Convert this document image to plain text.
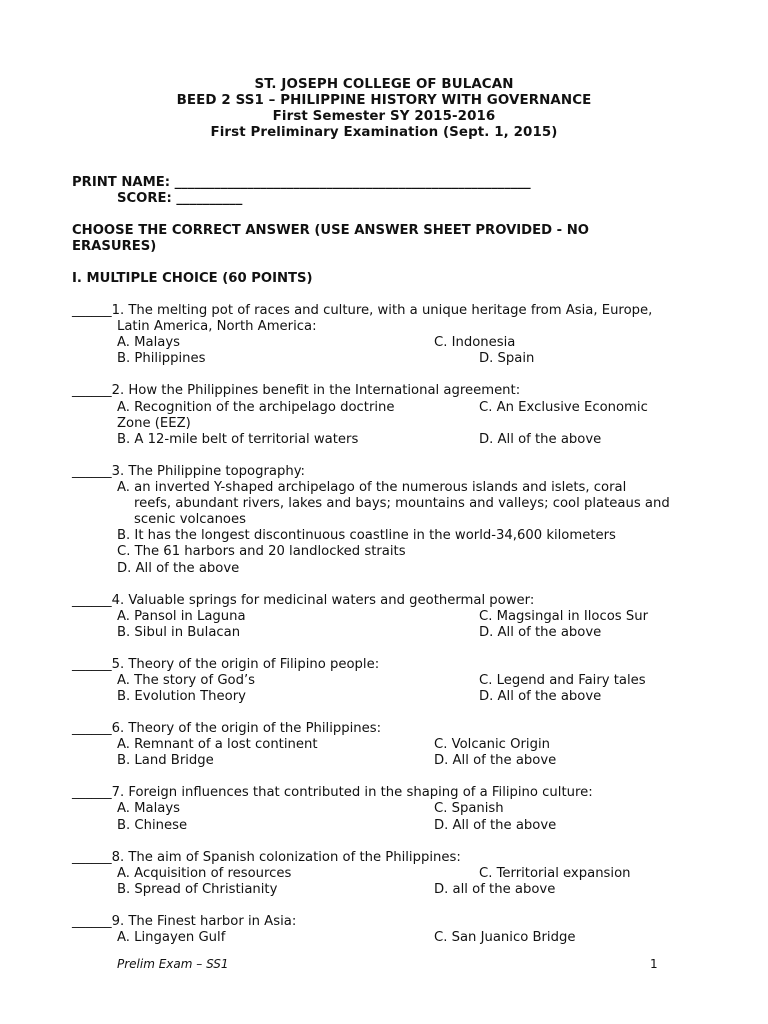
ST. JOSEPH COLLEGE OF BULACAN
BEED 2 SS1 – PHILIPPINE HISTORY WITH GOVERNANCE
First Semester SY 2015-2016
First Preliminary Examination (Sept. 1, 2015)
PRINT NAME: ______________________________________________________
SCORE: __________
CHOOSE THE CORRECT ANSWER (USE ANSWER SHEET PROVIDED - NO
ERASURES)
I. MULTIPLE CHOICE (60 POINTS)
______1. The melting pot of races and culture, with a unique heritage from Asia, Europe,
Latin America, North America:
A. Malays	C. Indonesia
B. Philippines	D. Spain
______2. How the Philippines benefit in the International agreement:
A. Recognition of the archipelago doctrine	C. An Exclusive Economic
Zone (EEZ)
B. A 12-mile belt of territorial waters	D. All of the above
______3. The Philippine topography:
A. an inverted Y-shaped archipelago of the numerous islands and islets, coral
reefs, abundant rivers, lakes and bays; mountains and valleys; cool plateaus and
scenic volcanoes
B. It has the longest discontinuous coastline in the world-34,600 kilometers
C. The 61 harbors and 20 landlocked straits
D. All of the above
______4. Valuable springs for medicinal waters and geothermal power:
A. Pansol in Laguna	C. Magsingal in Ilocos Sur
B. Sibul in Bulacan	D. All of the above
______5. Theory of the origin of Filipino people:
A. The story of God’s	C. Legend and Fairy tales
B. Evolution Theory	D. All of the above
______6. Theory of the origin of the Philippines:
A. Remnant of a lost continent	C. Volcanic Origin
B. Land Bridge	D. All of the above
______7. Foreign influences that contributed in the shaping of a Filipino culture:
A. Malays	C. Spanish
B. Chinese	D. All of the above
______8. The aim of Spanish colonization of the Philippines:
A. Acquisition of resources	C. Territorial expansion
B. Spread of Christianity	D. all of the above
______9. The Finest harbor in Asia:
A. Lingayen Gulf	C. San Juanico Bridge
Prelim Exam – SS1	1
